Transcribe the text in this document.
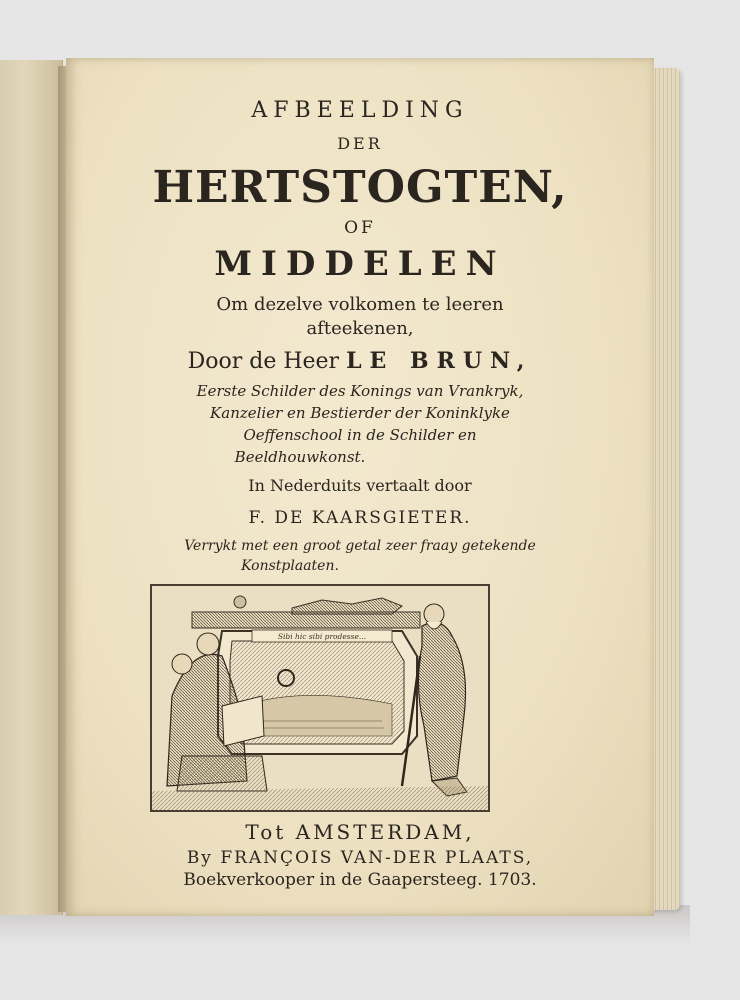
AFBEELDING
DER
HERTSTOGTEN,
OF
MIDDELEN
Om dezelve volkomen te leeren
afteekenen,
Door de Heer LE BRUN,
Eerste Schilder des Konings van Vrankryk,
Kanzelier en Bestierder der Koninklyke
Oeffenschool in de Schilder en
Beeldhouwkonst.
In Nederduits vertaalt door
F. DE KAARSGIETER.
Verrykt met een groot getal zeer fraay getekende
Konstplaaten.
Sibi hic sibi prodesse...
Tot AMSTERDAM,
By FRANÇOIS VAN-DER PLAATS,
Boekverkooper in de Gaapersteeg. 1703.
